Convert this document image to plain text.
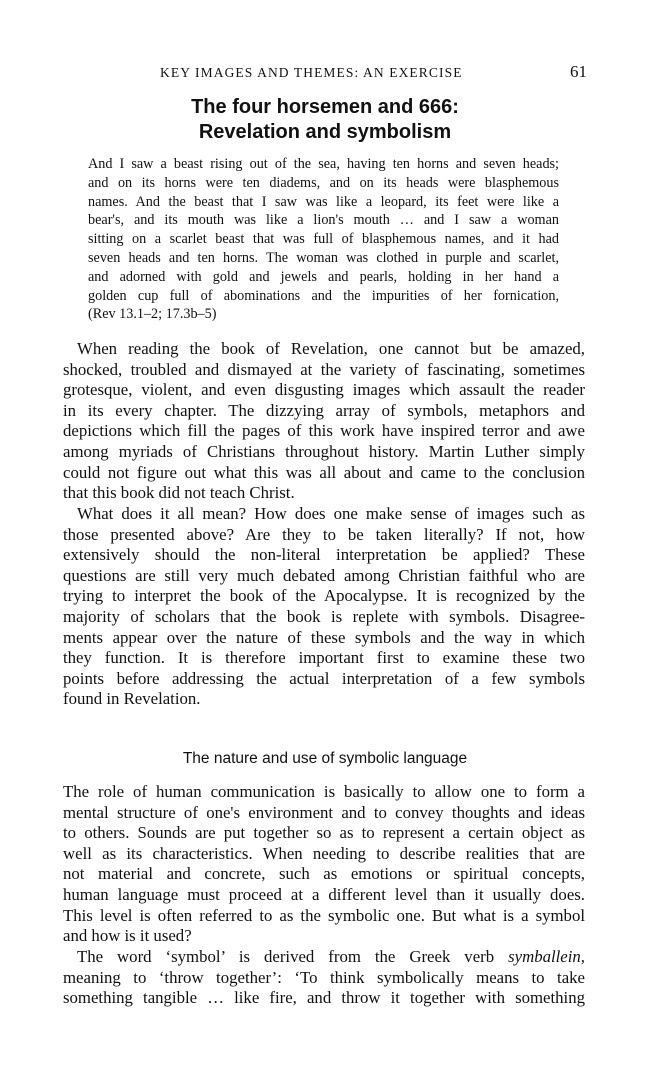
KEY IMAGES AND THEMES: AN EXERCISE	61
The four horsemen and 666:
Revelation and symbolism
And I saw a beast rising out of the sea, having ten horns and seven heads;
and on its horns were ten diadems, and on its heads were blasphemous
names. And the beast that I saw was like a leopard, its feet were like a
bear's, and its mouth was like a lion's mouth … and I saw a woman
sitting on a scarlet beast that was full of blasphemous names, and it had
seven heads and ten horns. The woman was clothed in purple and scarlet,
and adorned with gold and jewels and pearls, holding in her hand a
golden cup full of abominations and the impurities of her fornication,
(Rev 13.1–2; 17.3b–5)
When reading the book of Revelation, one cannot but be amazed,
shocked, troubled and dismayed at the variety of fascinating, sometimes
grotesque, violent, and even disgusting images which assault the reader
in its every chapter. The dizzying array of symbols, metaphors and
depictions which fill the pages of this work have inspired terror and awe
among myriads of Christians throughout history. Martin Luther simply
could not figure out what this was all about and came to the conclusion
that this book did not teach Christ.
What does it all mean? How does one make sense of images such as
those presented above? Are they to be taken literally? If not, how
extensively should the non-literal interpretation be applied? These
questions are still very much debated among Christian faithful who are
trying to interpret the book of the Apocalypse. It is recognized by the
majority of scholars that the book is replete with symbols. Disagree-
ments appear over the nature of these symbols and the way in which
they function. It is therefore important first to examine these two
points before addressing the actual interpretation of a few symbols
found in Revelation.
The nature and use of symbolic language
The role of human communication is basically to allow one to form a
mental structure of one's environment and to convey thoughts and ideas
to others. Sounds are put together so as to represent a certain object as
well as its characteristics. When needing to describe realities that are
not material and concrete, such as emotions or spiritual concepts,
human language must proceed at a different level than it usually does.
This level is often referred to as the symbolic one. But what is a symbol
and how is it used?
The word ‘symbol’ is derived from the Greek verb symballein,
meaning to ‘throw together’: ‘To think symbolically means to take
something tangible … like fire, and throw it together with something
